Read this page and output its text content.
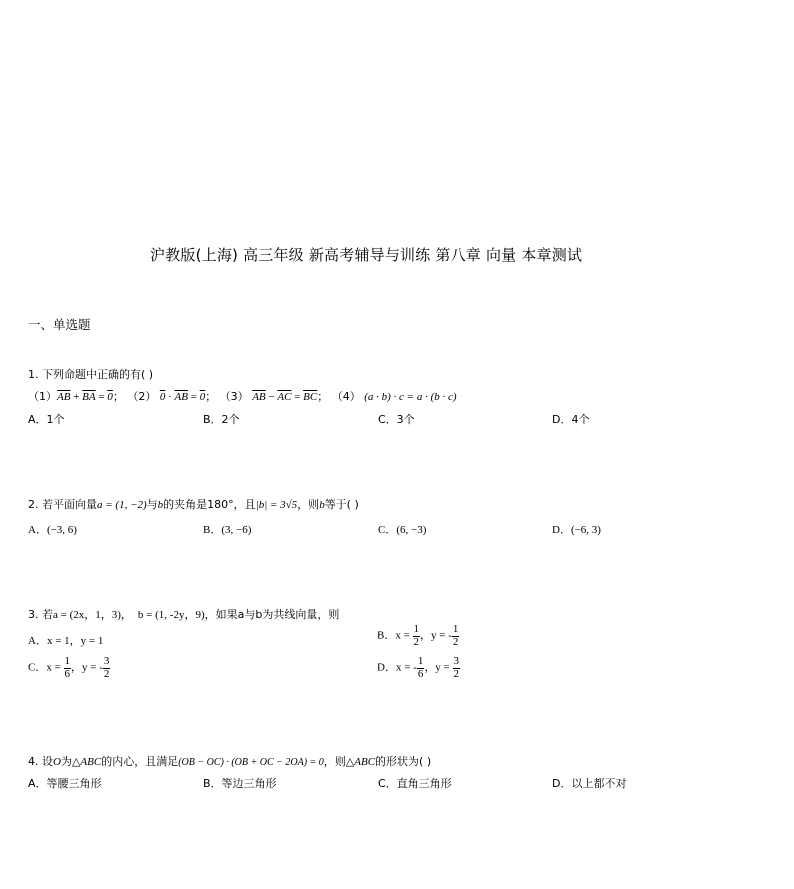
沪教版(上海) 高三年级 新高考辅导与训练 第八章 向量 本章测试
一、单选题
1. 下列命题中正确的有( )
$(1)\overline{AB} + \overline{BA} = 0$； （2） $0 \cdot \overline{AB} = 0$； （3） $\overline{AB} - \overline{AC} = \overline{BC}$； （4） (a · b) · c = a · (b · c)
A．1个	B．2个	C．3个	D．4个
2. 若平面向量a = (1, −2)与b的夹角是180°，且|b| = 3√5，则b等于( )
A．(−3, 6)	B．(3, −6)	C．(6, −3)	D．(−6, 3)
3. 若a = (2x，1，3)， b = (1, -2y，9)，如果a与b为共线向量，则
A．x = 1，y = 1	B．$x = \frac{1}{2}$ ，y = - $\frac{1}{2}$
C．$x = \frac{1}{6}$ ，y = - $\frac{3}{2}$	D．x = - $\frac{1}{6}$ ，$y = \frac{3}{2}$
4. 设O为△ABC的内心，且满足(OB − OC) · (OB + OC − 2OA) = 0，则△ABC的形状为( )
A．等腰三角形	B．等边三角形	C．直角三角形	D．以上都不对
